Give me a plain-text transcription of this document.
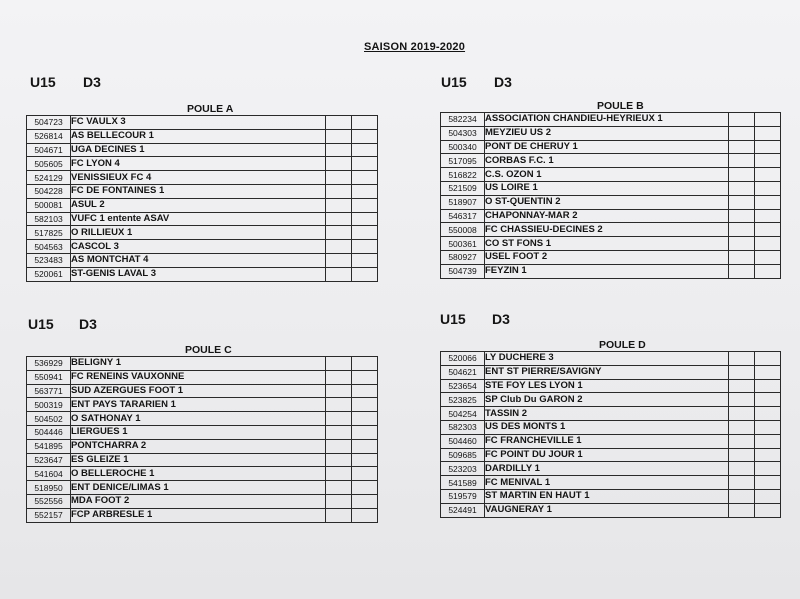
SAISON 2019-2020
U15 D3
POULE A
504723	FC VAULX 3		
526814	AS BELLECOUR 1		
504671	UGA DECINES 1		
505605	FC LYON 4		
524129	VENISSIEUX FC 4		
504228	FC DE FONTAINES 1		
500081	ASUL 2		
582103	VUFC 1 entente ASAV		
517825	O RILLIEUX 1		
504563	CASCOL 3		
523483	AS MONTCHAT 4		
520061	ST-GENIS LAVAL 3		
U15 D3
POULE B
582234	ASSOCIATION CHANDIEU-HEYRIEUX 1		
504303	MEYZIEU US 2		
500340	PONT DE CHERUY 1		
517095	CORBAS F.C. 1		
516822	C.S. OZON 1		
521509	US LOIRE 1		
518907	O ST-QUENTIN 2		
546317	CHAPONNAY-MAR 2		
550008	FC CHASSIEU-DECINES 2		
500361	CO ST FONS 1		
580927	USEL FOOT 2		
504739	FEYZIN 1		
U15 D3
POULE C
536929	BELIGNY 1		
550941	FC RENEINS VAUXONNE		
563771	SUD AZERGUES FOOT 1		
500319	ENT PAYS TARARIEN 1		
504502	O SATHONAY 1		
504446	LIERGUES 1		
541895	PONTCHARRA 2		
523647	ES GLEIZE 1		
541604	O BELLEROCHE 1		
518950	ENT DENICE/LIMAS 1		
552556	MDA FOOT 2		
552157	FCP ARBRESLE 1		
U15 D3
POULE D
520066	LY DUCHERE 3		
504621	ENT ST PIERRE/SAVIGNY		
523654	STE FOY LES LYON 1		
523825	SP Club Du GARON 2		
504254	TASSIN 2		
582303	US DES MONTS 1		
504460	FC FRANCHEVILLE 1		
509685	FC POINT DU JOUR 1		
523203	DARDILLY 1		
541589	FC MENIVAL 1		
519579	ST MARTIN EN HAUT 1		
524491	VAUGNERAY 1		
